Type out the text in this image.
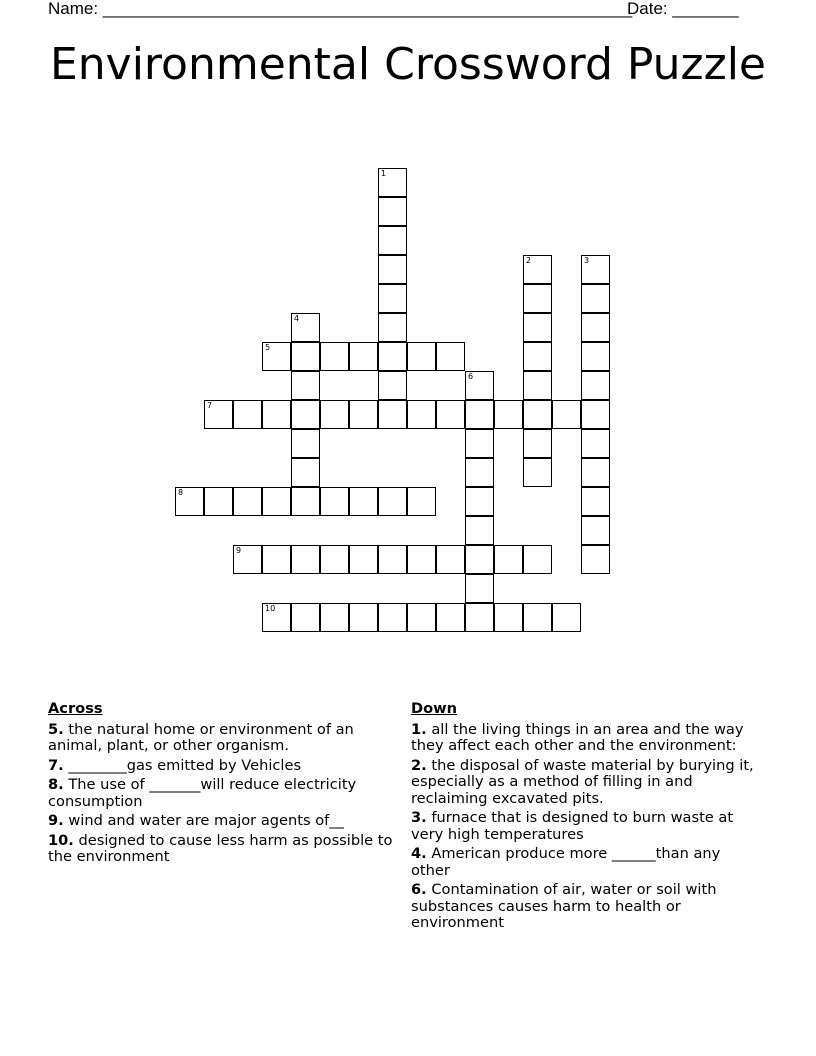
Name: ________________________________________________________
Date: _______
Environmental Crossword Puzzle
1
2	3
4
5
6
7
8
9
10
Across
5. the natural home or environment of an animal, plant, or other organism.
7. ________gas emitted by Vehicles
8. The use of _______will reduce electricity consumption
9. wind and water are major agents of__
10. designed to cause less harm as possible to the environment
Down
1. all the living things in an area and the way they affect each other and the environment:
2. the disposal of waste material by burying it, especially as a method of filling in and reclaiming excavated pits.
3. furnace that is designed to burn waste at very high temperatures
4. American produce more ______than any other
6. Contamination of air, water or soil with substances causes harm to health or environment
